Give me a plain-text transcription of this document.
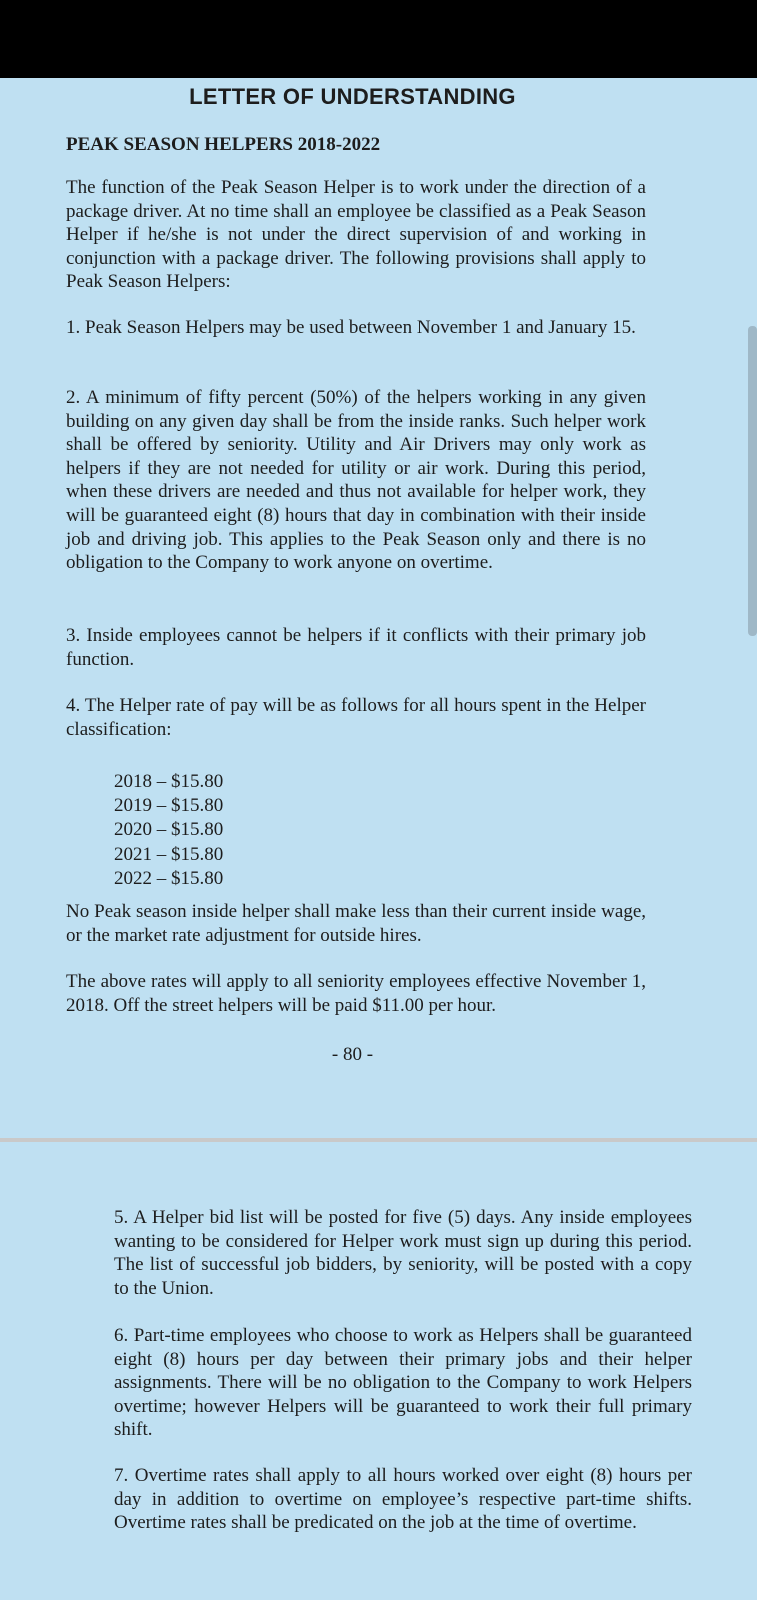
LETTER OF UNDERSTANDING
PEAK SEASON HELPERS 2018-2022

The function of the Peak Season Helper is to work under the direction of a package driver. At no time shall an employee be classified as a Peak Season Helper if he/she is not under the direct supervision of and working in conjunction with a package driver. The following provisions shall apply to Peak Season Helpers:

1. Peak Season Helpers may be used between November 1 and January 15.

2. A minimum of fifty percent (50%) of the helpers working in any given building on any given day shall be from the inside ranks. Such helper work shall be offered by seniority. Utility and Air Drivers may only work as helpers if they are not needed for utility or air work. During this period, when these drivers are needed and thus not available for helper work, they will be guaranteed eight (8) hours that day in combination with their inside job and driving job. This applies to the Peak Season only and there is no obligation to the Company to work anyone on overtime.

3. Inside employees cannot be helpers if it conflicts with their primary job function.

4. The Helper rate of pay will be as follows for all hours spent in the Helper classification:

2018 – $15.80
2019 – $15.80
2020 – $15.80
2021 – $15.80
2022 – $15.80

No Peak season inside helper shall make less than their current inside wage, or the market rate adjustment for outside hires.

The above rates will apply to all seniority employees effective November 1, 2018. Off the street helpers will be paid $11.00 per hour.

- 80 -

5. A Helper bid list will be posted for five (5) days. Any inside employees wanting to be considered for Helper work must sign up during this period. The list of successful job bidders, by seniority, will be posted with a copy to the Union.

6. Part-time employees who choose to work as Helpers shall be guaranteed eight (8) hours per day between their primary jobs and their helper assignments. There will be no obligation to the Company to work Helpers overtime; however Helpers will be guaranteed to work their full primary shift.

7. Overtime rates shall apply to all hours worked over eight (8) hours per day in addition to overtime on employee’s respective part-time shifts. Overtime rates shall be predicated on the job at the time of overtime.
